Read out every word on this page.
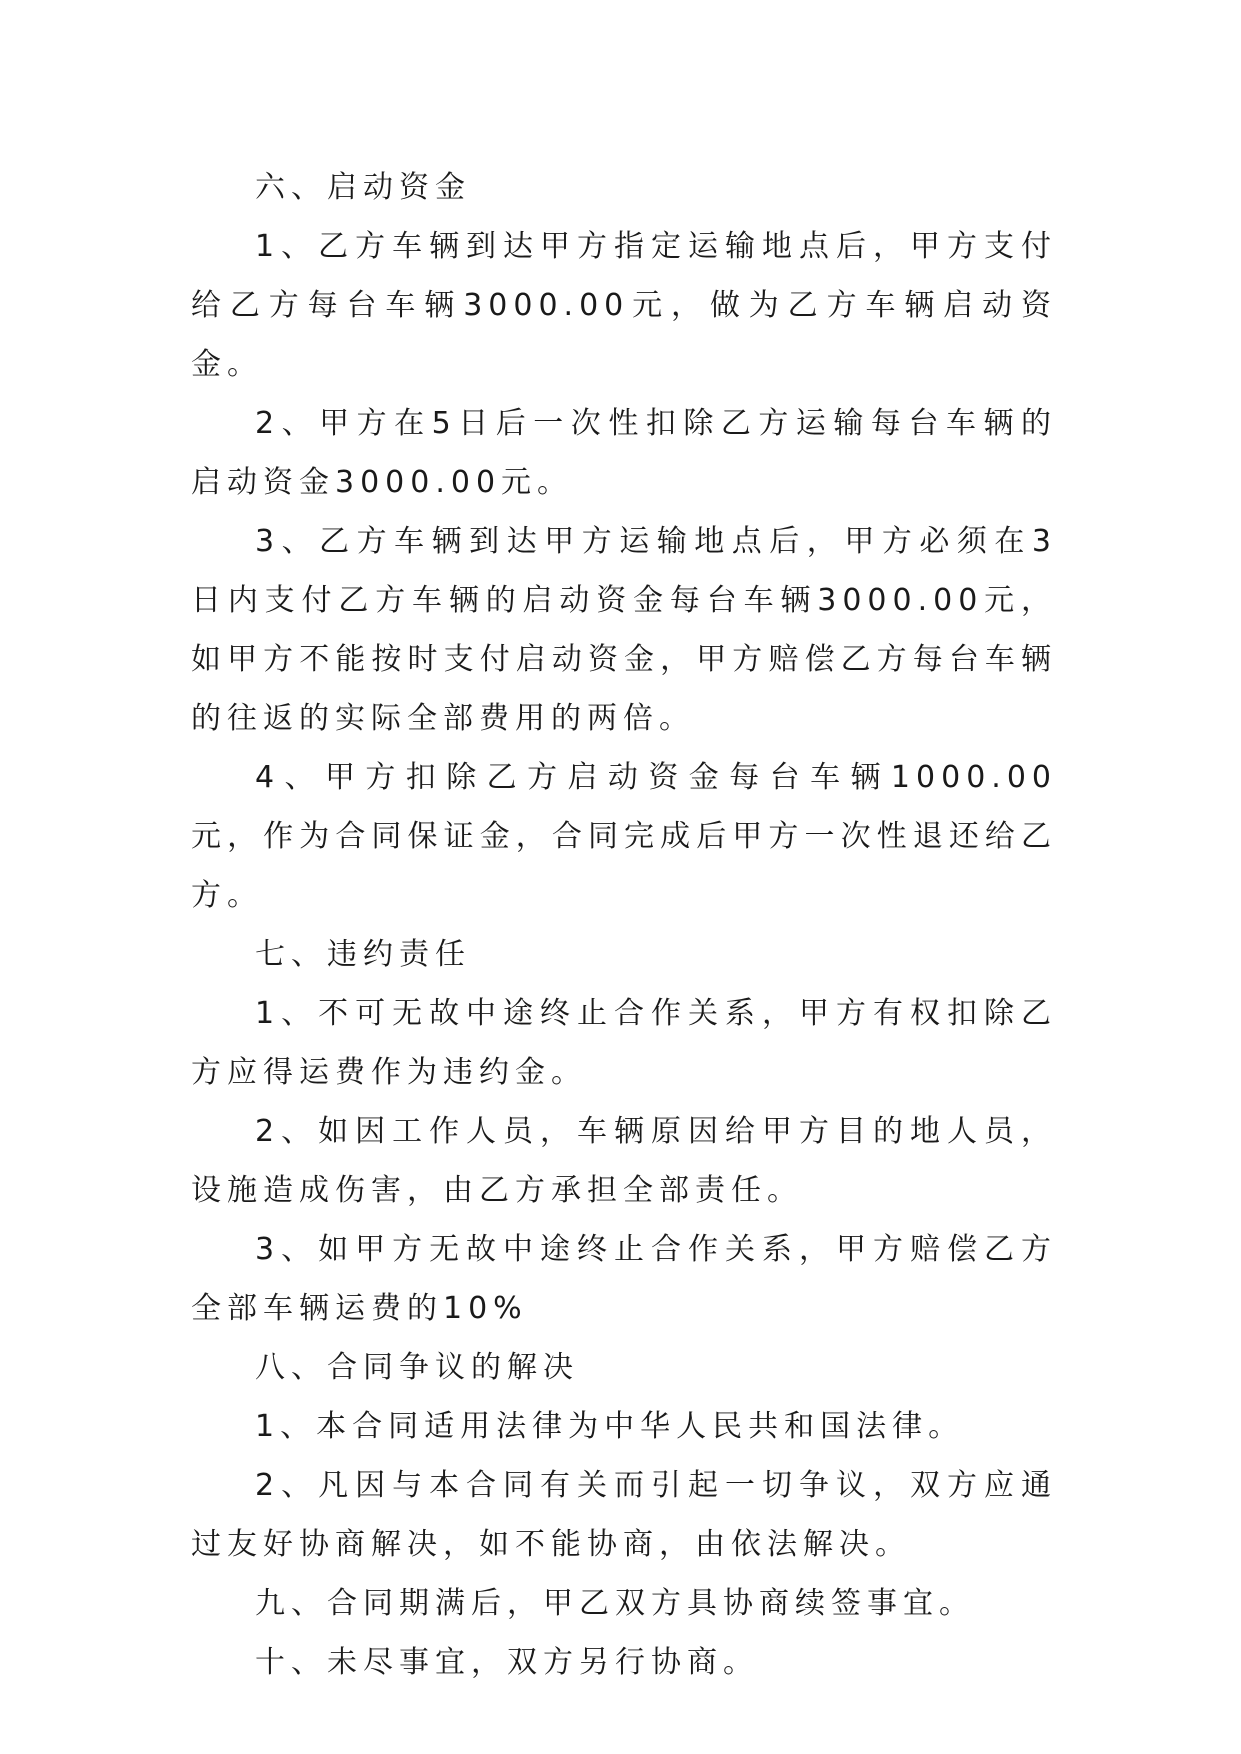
六、启动资金

1、乙方车辆到达甲方指定运输地点后，甲方支付给乙方每台车辆3000.00元，做为乙方车辆启动资金。

2、甲方在5日后一次性扣除乙方运输每台车辆的启动资金3000.00元。

3、乙方车辆到达甲方运输地点后，甲方必须在3日内支付乙方车辆的启动资金每台车辆3000.00元，如甲方不能按时支付启动资金，甲方赔偿乙方每台车辆的往返的实际全部费用的两倍。

4、甲方扣除乙方启动资金每台车辆1000.00元，作为合同保证金，合同完成后甲方一次性退还给乙方。

七、违约责任

1、不可无故中途终止合作关系，甲方有权扣除乙方应得运费作为违约金。

2、如因工作人员，车辆原因给甲方目的地人员，设施造成伤害，由乙方承担全部责任。

3、如甲方无故中途终止合作关系，甲方赔偿乙方全部车辆运费的10%

八、合同争议的解决

1、本合同适用法律为中华人民共和国法律。

2、凡因与本合同有关而引起一切争议，双方应通过友好协商解决，如不能协商，由依法解决。

九、合同期满后，甲乙双方具协商续签事宜。

十、未尽事宜，双方另行协商。
